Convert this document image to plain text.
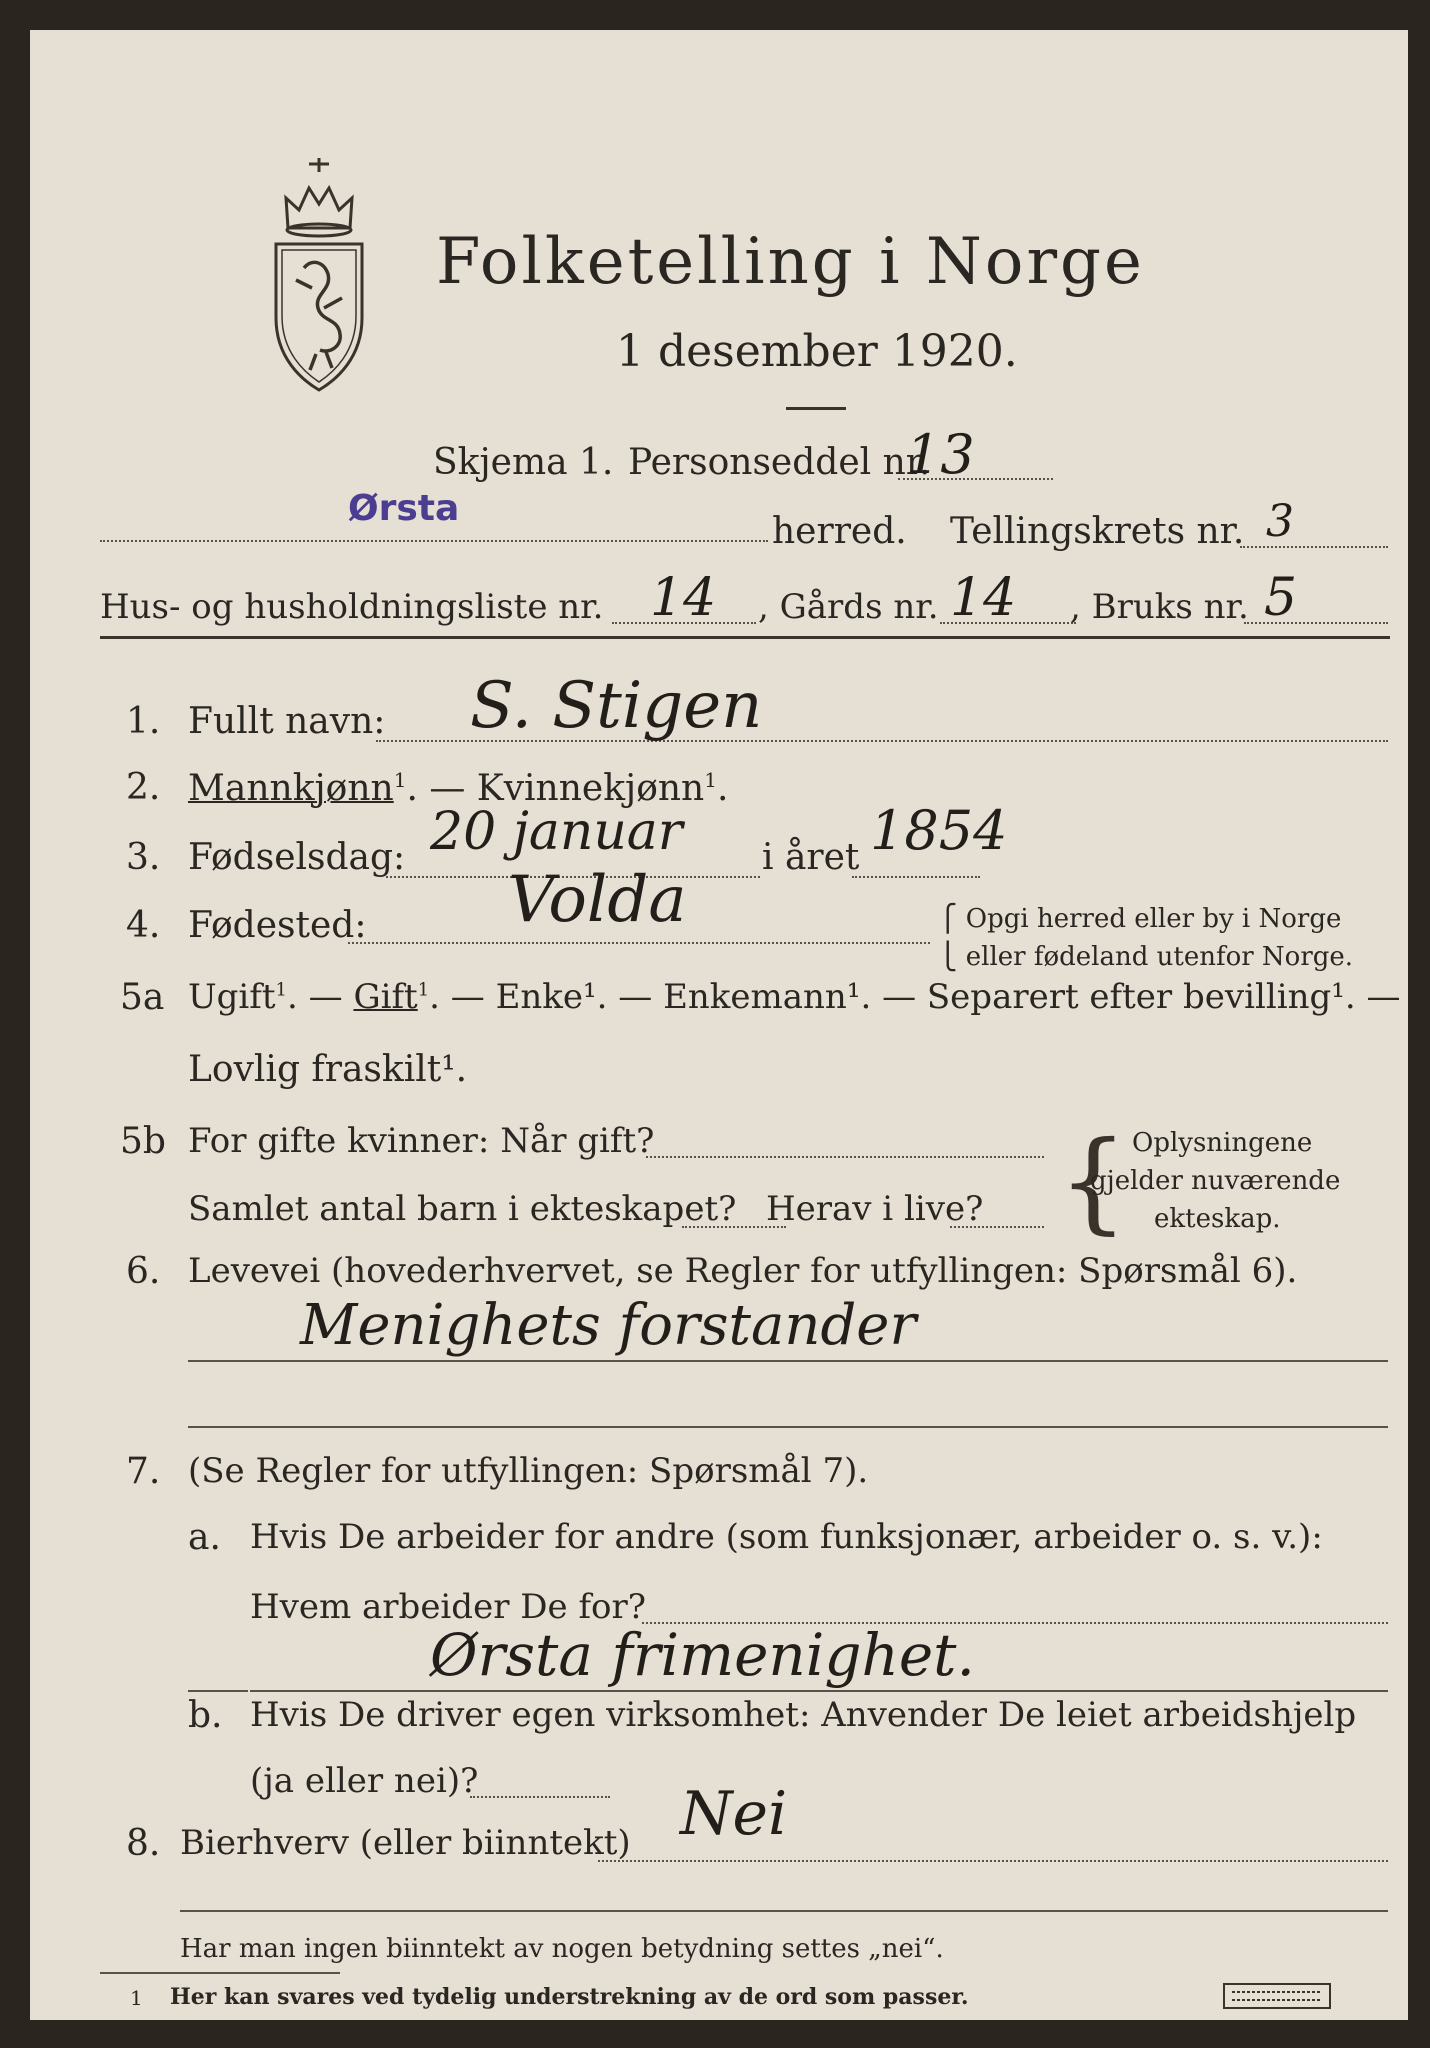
Folketelling i Norge
1 desember 1920.
Skjema 1. Personseddel nr.
13
Ørsta
herred. Tellingskrets nr. 3
Hus- og husholdningsliste nr. 14 , Gårds nr. 14 , Bruks nr. 5
1. Fullt navn: S. Stigen
2. Mannkjønn$^1$. — Kvinnekjønn$^1$.
3. Fødselsdag: 20 januar i året 1854
4. Fødested: Volda	⎧ Opgi herred eller by i Norge
⎩ eller fødeland utenfor Norge.
5a Ugift$^1$. — Gift$^1$. — Enke¹. — Enkemann¹. — Separert efter bevilling¹. —
Lovlig fraskilt¹.
5b For gifte kvinner: Når gift?
Samlet antal barn i ekteskapet? Herav i live? { Oplysningene
gjelder nuværende
ekteskap.
6. Levevei (hovederhvervet, se Regler for utfyllingen: Spørsmål 6).
Menighets forstander
7. (Se Regler for utfyllingen: Spørsmål 7).
a. Hvis De arbeider for andre (som funksjonær, arbeider o. s. v.):
Hvem arbeider De for?
Ørsta frimenighet.
b. Hvis De driver egen virksomhet: Anvender De leiet arbeidshjelp
(ja eller nei)?
8. Bierhverv (eller biinntekt) Nei
Har man ingen biinntekt av nogen betydning settes „nei“.
1 Her kan svares ved tydelig understrekning av de ord som passer.
